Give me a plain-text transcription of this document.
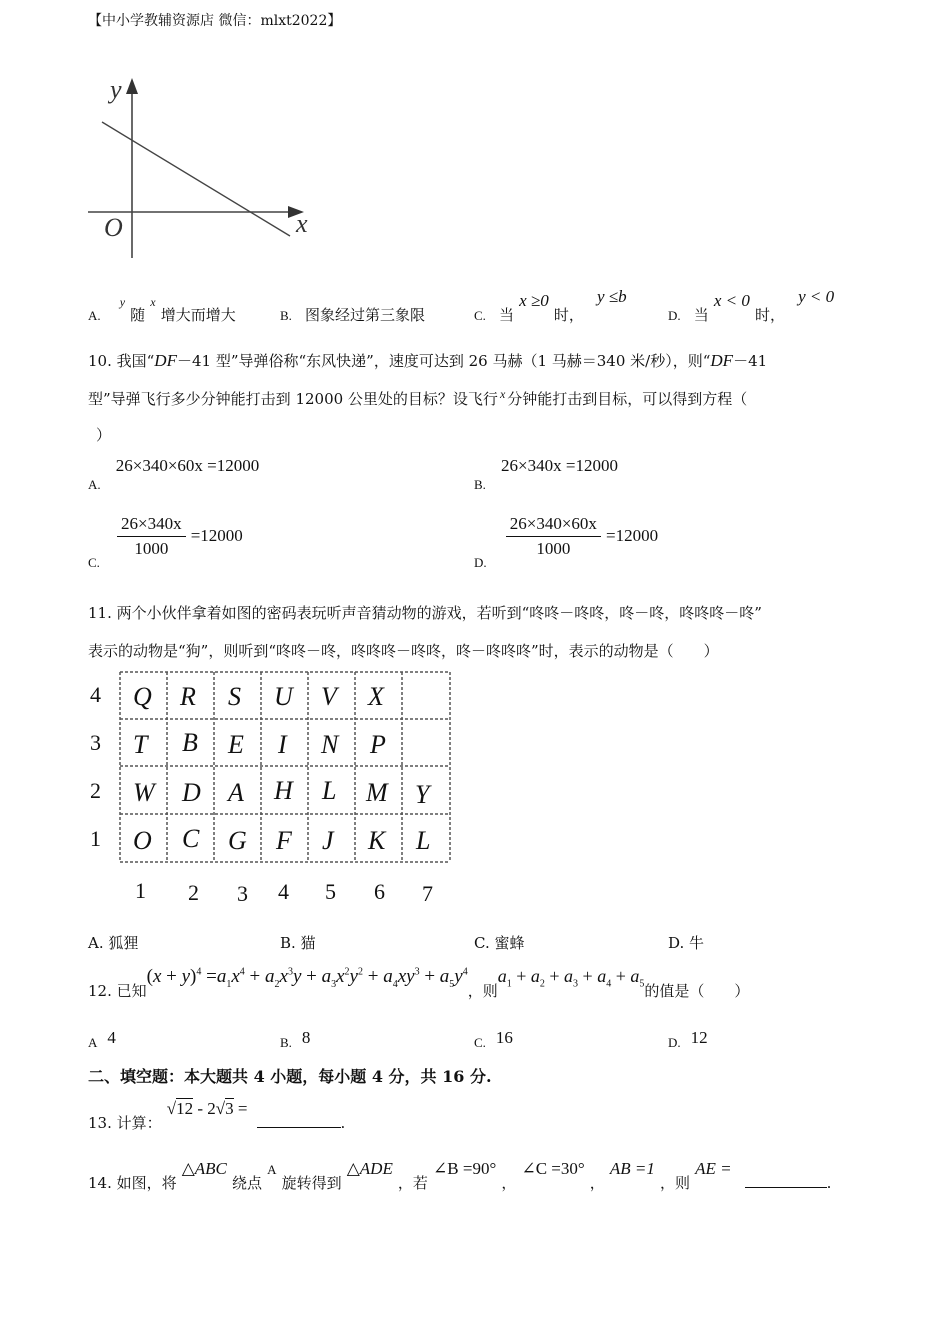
【中小学教辅资源店 微信：mlxt2022】
y
x
O
$_{A.}$ y 随 x 增大而增大	B. 图象经过第三象限	$_{C.}$ 当 x ≥0 时， y ≤b
$_{D.}$ 当 x < 0 时， y < 0
10. 我国“DF－41 型”导弹俗称“东风快递”，速度可达到 26 马赫（1 马赫＝340 米/秒），则“DF－41
型”导弹飞行多少分钟能打击到 12000 公里处的目标？设飞行 $^x$ 分钟能打击到目标，可以得到方程（
）
$_{A.}$ 26×340×60x =12000
$_{B.}$ 26×340x =12000
$_{C.}$
$\frac{26\times 340x}{1000} =12000$
$_{D.}$
$\frac{26\times 340\times 60x}{1000} =12000$
11. 两个小伙伴拿着如图的密码表玩听声音猜动物的游戏，若听到“咚咚－咚咚，咚－咚，咚咚咚－咚”
表示的动物是“狗”，则听到“咚咚－咚，咚咚咚－咚咚，咚－咚咚咚”时，表示的动物是（　　）
4
3
2
1
Q R S U V X
T B E I N P
W D A H L M Y
O C G F J K L
1 2 3 4 5 6 7
A. 狐狸	B. 猫	C. 蜜蜂	D. 牛
12. 已知$(x + y)^4 =a_1x^4 + a_2x^3y + a_3x^2y^2 + a_4xy^3 + a_5y^4$，则$a_1 + a_2 + a_3 + a_4 + a_5$的值是（　　）
$_A$ 4	$_{B.}$ 8	$_{C.}$ 16	$_{D.}$ 12
二、填空题：本大题共 4 小题，每小题 4 分，共 16 分.
13. 计算： √12 - 2√3 = .
14. 如图，将 △ABC 绕点 A 旋转得到 △ADE ，若 ∠B =90° ， ∠C =30° ， AB =1 ，则 AE = .
